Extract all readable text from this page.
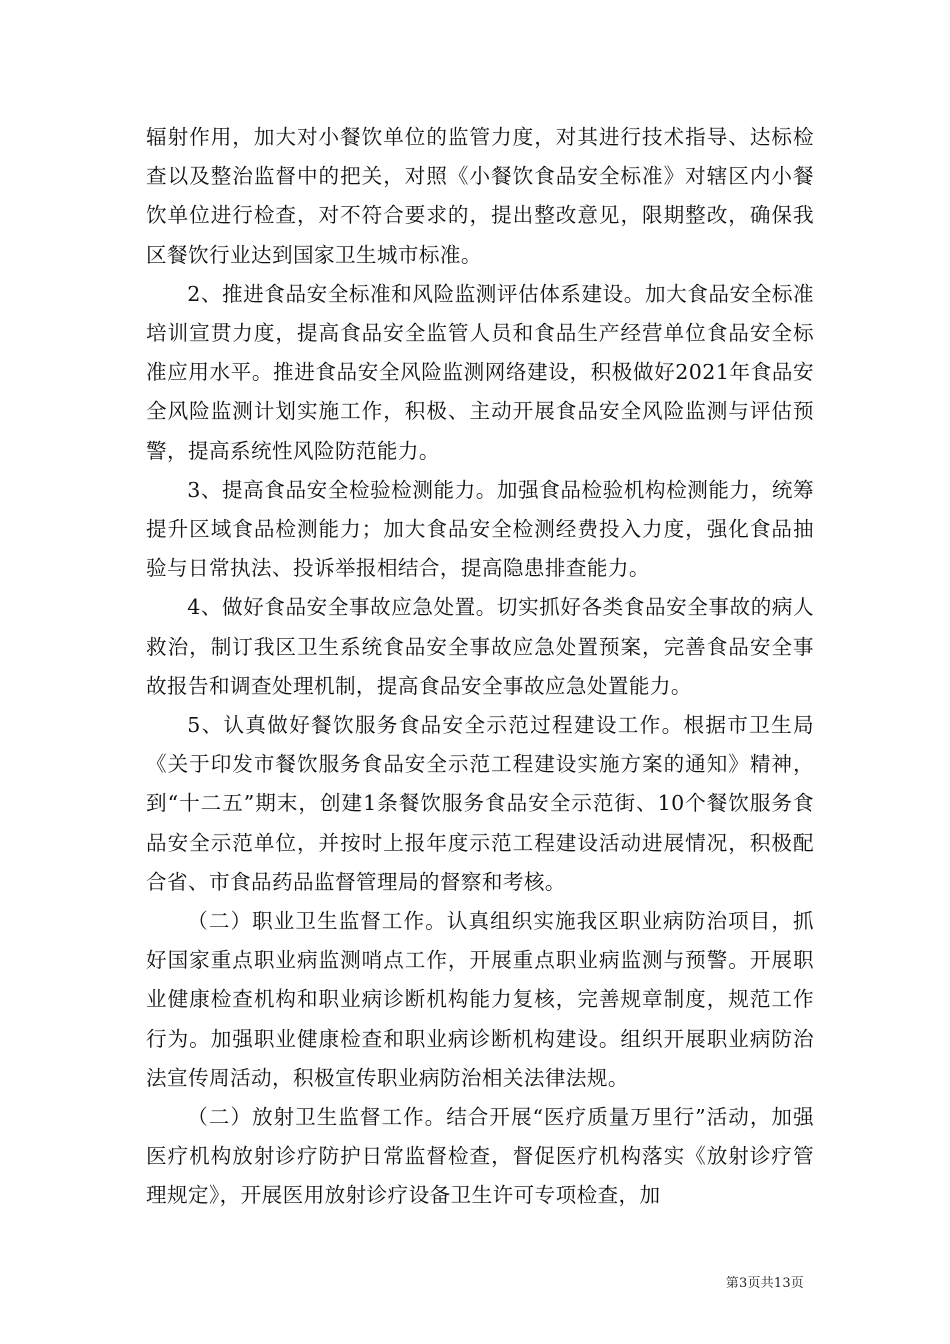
辐射作用，加大对小餐饮单位的监管力度，对其进行技术指导、达标检查以及整治监督中的把关，对照《小餐饮食品安全标准》对辖区内小餐饮单位进行检查，对不符合要求的，提出整改意见，限期整改，确保我区餐饮行业达到国家卫生城市标准。

2、推进食品安全标准和风险监测评估体系建设。加大食品安全标准培训宣贯力度，提高食品安全监管人员和食品生产经营单位食品安全标准应用水平。推进食品安全风险监测网络建设，积极做好2021年食品安全风险监测计划实施工作，积极、主动开展食品安全风险监测与评估预警，提高系统性风险防范能力。

3、提高食品安全检验检测能力。加强食品检验机构检测能力，统筹提升区域食品检测能力；加大食品安全检测经费投入力度，强化食品抽验与日常执法、投诉举报相结合，提高隐患排查能力。

4、做好食品安全事故应急处置。切实抓好各类食品安全事故的病人救治，制订我区卫生系统食品安全事故应急处置预案，完善食品安全事故报告和调查处理机制，提高食品安全事故应急处置能力。

5、认真做好餐饮服务食品安全示范过程建设工作。根据市卫生局《关于印发市餐饮服务食品安全示范工程建设实施方案的通知》精神，到“十二五”期末，创建1条餐饮服务食品安全示范街、10个餐饮服务食品安全示范单位，并按时上报年度示范工程建设活动进展情况，积极配合省、市食品药品监督管理局的督察和考核。

（二）职业卫生监督工作。认真组织实施我区职业病防治项目，抓好国家重点职业病监测哨点工作，开展重点职业病监测与预警。开展职业健康检查机构和职业病诊断机构能力复核，完善规章制度，规范工作行为。加强职业健康检查和职业病诊断机构建设。组织开展职业病防治法宣传周活动，积极宣传职业病防治相关法律法规。

（二）放射卫生监督工作。结合开展“医疗质量万里行”活动，加强医疗机构放射诊疗防护日常监督检查，督促医疗机构落实《放射诊疗管理规定》，开展医用放射诊疗设备卫生许可专项检查，加

第3页共13页
